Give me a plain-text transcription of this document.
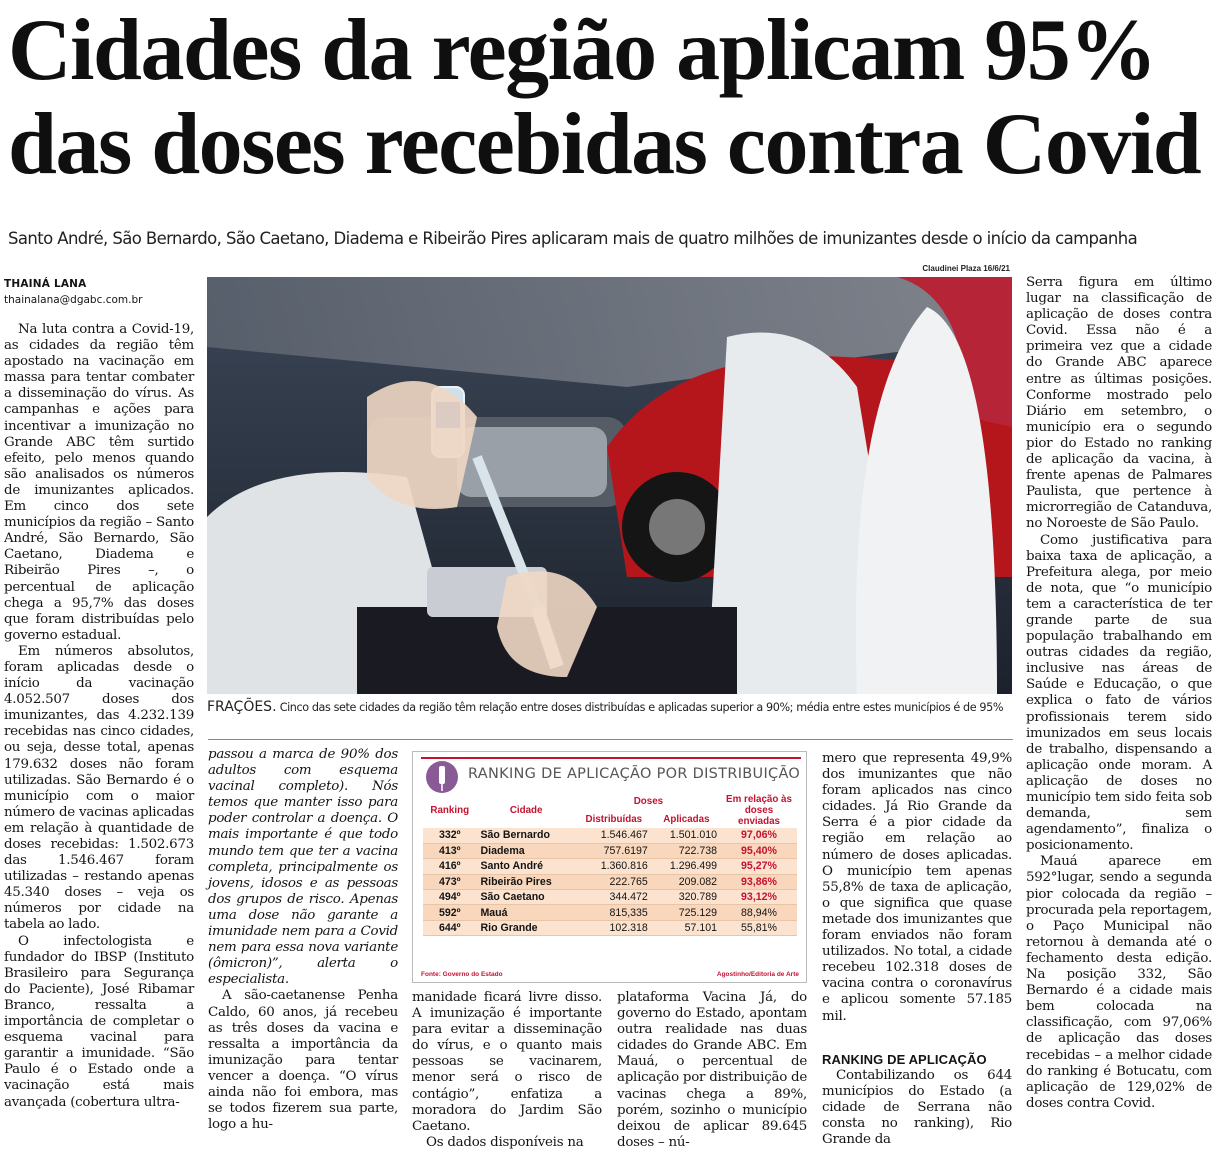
Cidades da região aplicam 95% das doses recebidas contra Covid
Santo André, São Bernardo, São Caetano, Diadema e Ribeirão Pires aplicaram mais de quatro milhões de imunizantes desde o início da campanha
THAINÁ LANA
thainalana@dgabc.com.br

Na luta contra a Covid-19, as cidades da região têm apostado na vacinação em massa para tentar combater a disseminação do vírus. As campanhas e ações para incentivar a imunização no Grande ABC têm surtido efeito, pelo menos quando são analisados os números de imunizantes aplicados. Em cinco dos sete municípios da região – Santo André, São Bernardo, São Caetano, Diadema e Ribeirão Pires –, o percentual de aplicação chega a 95,7% das doses que foram distribuídas pelo governo estadual.

Em números absolutos, foram aplicadas desde o início da vacinação 4.052.507 doses dos imunizantes, das 4.232.139 recebidas nas cinco cidades, ou seja, desse total, apenas 179.632 doses não foram utilizadas. São Bernardo é o município com o maior número de vacinas aplicadas em relação à quantidade de doses recebidas: 1.502.673 das 1.546.467 foram utilizadas – restando apenas 45.340 doses – veja os números por cidade na tabela ao lado.

O infectologista e fundador do IBSP (Instituto Brasileiro para Segurança do Paciente), José Ribamar Branco, ressalta a importância de completar o esquema vacinal para garantir a imunidade. “São Paulo é o Estado onde a vacinação está mais avançada (cobertura ultra-

Claudinei Plaza 16/6/21
FRAÇÕES. Cinco das sete cidades da região têm relação entre doses distribuídas e aplicadas superior a 90%; média entre estes municípios é de 95%

passou a marca de 90% dos adultos com esquema vacinal completo). Nós temos que manter isso para poder controlar a doença. O mais importante é que todo mundo tem que ter a vacina completa, principalmente os jovens, idosos e as pessoas dos grupos de risco. Apenas uma dose não garante a imunidade nem para a Covid nem para essa nova variante (ômicron)”, alerta o especialista.

A são-caetanense Penha Caldo, 60 anos, já recebeu as três doses da vacina e ressalta a importância da imunização para tentar vencer a doença. “O vírus ainda não foi embora, mas se todos fizerem sua parte, logo a hu-

RANKING DE APLICAÇÃO POR DISTRIBUIÇÃO
Ranking	Cidade	Doses		Em relação às doses enviadas
		Distribuídas	Aplicadas	
332º	São Bernardo	1.546.467	1.501.010	97,06%
413º	Diadema	757.6197	722.738	95,40%
416º	Santo André	1.360.816	1.296.499	95,27%
473º	Ribeirão Pires	222.765	209.082	93,86%
494º	São Caetano	344.472	320.789	93,12%
592º	Mauá	815,335	725.129	88,94%
644º	Rio Grande	102.318	57.101	55,81%
Fonte: Governo do Estado	Agostinho/Editoria de Arte

manidade ficará livre disso. A imunização é importante para evitar a disseminação do vírus, e o quanto mais pessoas se vacinarem, menor será o risco de contágio”, enfatiza a moradora do Jardim São Caetano.

Os dados disponíveis na

plataforma Vacina Já, do governo do Estado, apontam outra realidade nas duas cidades do Grande ABC. Em Mauá, o percentual de aplicação por distribuição de vacinas chega a 89%, porém, sozinho o município deixou de aplicar 89.645 doses – nú-

mero que representa 49,9% dos imunizantes que não foram aplicados nas cinco cidades. Já Rio Grande da Serra é a pior cidade da região em relação ao número de doses aplicadas. O município tem apenas 55,8% de taxa de aplicação, o que significa que quase metade dos imunizantes que foram enviados não foram utilizados. No total, a cidade recebeu 102.318 doses de vacina contra o coronavírus e aplicou somente 57.185 mil.

RANKING DE APLICAÇÃO

Contabilizando os 644 municípios do Estado (a cidade de Serrana não consta no ranking), Rio Grande da

Serra figura em último lugar na classificação de aplicação de doses contra Covid. Essa não é a primeira vez que a cidade do Grande ABC aparece entre as últimas posições. Conforme mostrado pelo Diário em setembro, o município era o segundo pior do Estado no ranking de aplicação da vacina, à frente apenas de Palmares Paulista, que pertence à microrregião de Catanduva, no Noroeste de São Paulo.

Como justificativa para baixa taxa de aplicação, a Prefeitura alega, por meio de nota, que “o município tem a característica de ter grande parte de sua população trabalhando em outras cidades da região, inclusive nas áreas de Saúde e Educação, o que explica o fato de vários profissionais terem sido imunizados em seus locais de trabalho, dispensando a aplicação onde moram. A aplicação de doses no município tem sido feita sob demanda, sem agendamento”, finaliza o posicionamento.

Mauá aparece em 592°lugar, sendo a segunda pior colocada da região – procurada pela reportagem, o Paço Municipal não retornou à demanda até o fechamento desta edição. Na posição 332, São Bernardo é a cidade mais bem colocada na classificação, com 97,06% de aplicação das doses recebidas – a melhor cidade do ranking é Botucatu, com aplicação de 129,02% de doses contra Covid.
